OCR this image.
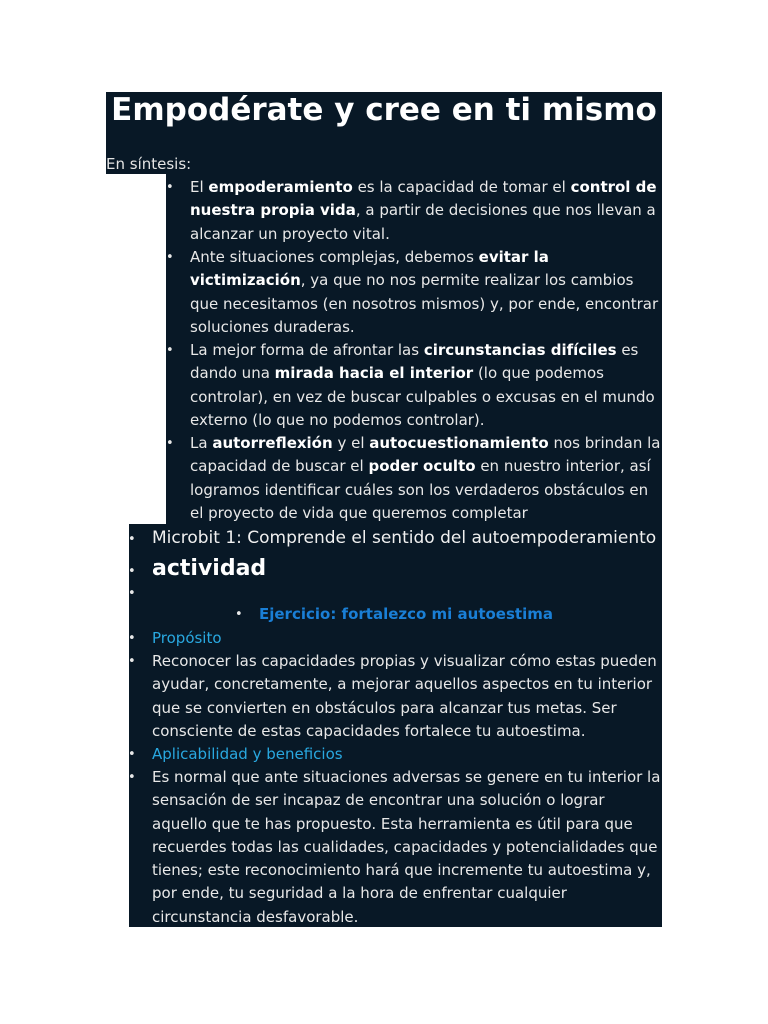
Empodérate y cree en ti mismo
En síntesis:
• El empoderamiento es la capacidad de tomar el control de nuestra propia vida, a partir de decisiones que nos llevan a alcanzar un proyecto vital.
• Ante situaciones complejas, debemos evitar la victimización, ya que no nos permite realizar los cambios que necesitamos (en nosotros mismos) y, por ende, encontrar soluciones duraderas.
• La mejor forma de afrontar las circunstancias difíciles es dando una mirada hacia el interior (lo que podemos controlar), en vez de buscar culpables o excusas en el mundo externo (lo que no podemos controlar).
• La autorreflexión y el autocuestionamiento nos brindan la capacidad de buscar el poder oculto en nuestro interior, así logramos identificar cuáles son los verdaderos obstáculos en el proyecto de vida que queremos completar
• Microbit 1: Comprende el sentido del autoempoderamiento
• actividad
•
• Ejercicio: fortalezco mi autoestima
• Propósito
• Reconocer las capacidades propias y visualizar cómo estas pueden ayudar, concretamente, a mejorar aquellos aspectos en tu interior que se convierten en obstáculos para alcanzar tus metas. Ser consciente de estas capacidades fortalece tu autoestima.
• Aplicabilidad y beneficios
• Es normal que ante situaciones adversas se genere en tu interior la sensación de ser incapaz de encontrar una solución o lograr aquello que te has propuesto. Esta herramienta es útil para que recuerdes todas las cualidades, capacidades y potencialidades que tienes; este reconocimiento hará que incremente tu autoestima y, por ende, tu seguridad a la hora de enfrentar cualquier circunstancia desfavorable.
